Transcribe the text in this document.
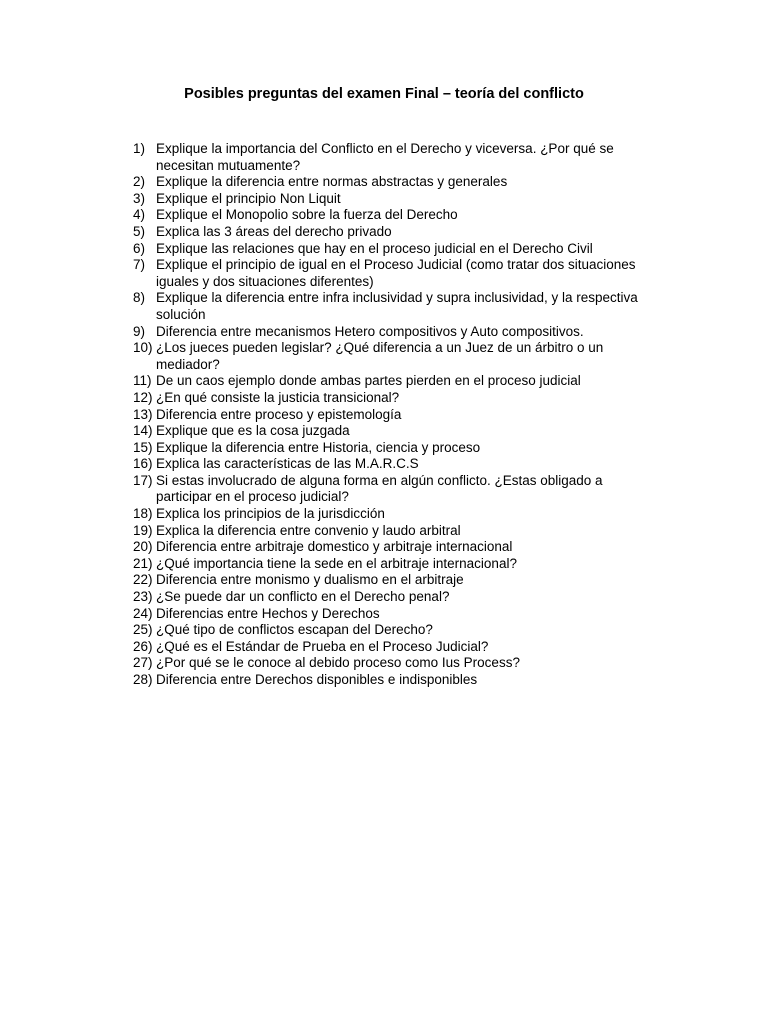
Posibles preguntas del examen Final – teoría del conflicto
1) Explique la importancia del Conflicto en el Derecho y viceversa. ¿Por qué se necesitan mutuamente?
2) Explique la diferencia entre normas abstractas y generales
3) Explique el principio Non Liquit
4) Explique el Monopolio sobre la fuerza del Derecho
5) Explica las 3 áreas del derecho privado
6) Explique las relaciones que hay en el proceso judicial en el Derecho Civil
7) Explique el principio de igual en el Proceso Judicial (como tratar dos situaciones iguales y dos situaciones diferentes)
8) Explique la diferencia entre infra inclusividad y supra inclusividad, y la respectiva solución
9) Diferencia entre mecanismos Hetero compositivos y Auto compositivos.
10) ¿Los jueces pueden legislar? ¿Qué diferencia a un Juez de un árbitro o un mediador?
11) De un caos ejemplo donde ambas partes pierden en el proceso judicial
12) ¿En qué consiste la justicia transicional?
13) Diferencia entre proceso y epistemología
14) Explique que es la cosa juzgada
15) Explique la diferencia entre Historia, ciencia y proceso
16) Explica las características de las M.A.R.C.S
17) Si estas involucrado de alguna forma en algún conflicto. ¿Estas obligado a participar en el proceso judicial?
18) Explica los principios de la jurisdicción
19) Explica la diferencia entre convenio y laudo arbitral
20) Diferencia entre arbitraje domestico y arbitraje internacional
21) ¿Qué importancia tiene la sede en el arbitraje internacional?
22) Diferencia entre monismo y dualismo en el arbitraje
23) ¿Se puede dar un conflicto en el Derecho penal?
24) Diferencias entre Hechos y Derechos
25) ¿Qué tipo de conflictos escapan del Derecho?
26) ¿Qué es el Estándar de Prueba en el Proceso Judicial?
27) ¿Por qué se le conoce al debido proceso como Ius Process?
28) Diferencia entre Derechos disponibles e indisponibles
